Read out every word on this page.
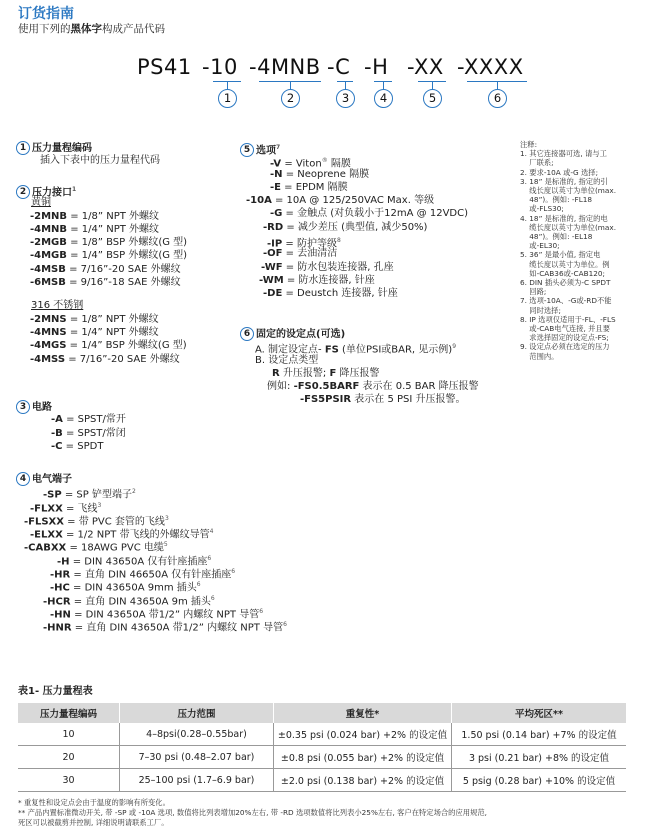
订货指南
使用下列的黑体字构成产品代码
PS41 -10 -4MNB -C -H -XX -XXXX
1	2	3	4	5	6
1 压力量程编码
插入下表中的压力量程代码
2 压力接口$^1$
黄铜
-2MNB = 1/8” NPT 外螺纹
-4MNB = 1/4” NPT 外螺纹
-2MGB = 1/8” BSP 外螺纹(G 型)
-4MGB = 1/4” BSP 外螺纹(G 型)
-4MSB = 7/16”-20 SAE 外螺纹
-6MSB = 9/16”-18 SAE 外螺纹
316 不锈钢
-2MNS = 1/8” NPT 外螺纹
-4MNS = 1/4” NPT 外螺纹
-4MGS = 1/4” BSP 外螺纹(G 型)
-4MSS = 7/16”-20 SAE 外螺纹
3 电路
-A = SPST/常开
-B = SPST/常闭
-C = SPDT
4 电气端子
-SP = SP 铲型端子$^2$
-FLXX = 飞线$^3$
-FLSXX = 带 PVC 套管的飞线$^3$
-ELXX = 1/2 NPT 带飞线的外螺纹导管$^4$
-CABXX = 18AWG PVC 电缆$^5$
-H = DIN 43650A 仅有针座插座$^6$
-HR = 直角 DIN 46650A 仅有针座插座$^6$
-HC = DIN 43650A 9mm 插头$^6$
-HCR = 直角 DIN 43650A 9m 插头$^6$
-HN = DIN 43650A 带1/2” 内螺纹 NPT 导管$^6$
-HNR = 直角 DIN 43650A 带1/2” 内螺纹 NPT 导管$^6$
5 选项$^7$
-V = Viton® 隔膜
-N = Neoprene 隔膜
-E = EPDM 隔膜
-10A = 10A @ 125/250VAC Max. 等级
-G = 金触点 (对负载小于12mA @ 12VDC)
-RD = 减少差压 (典型值, 减少50%)
-IP = 防护等级$^8$
-OF = 去油清洁
-WF = 防水包装连接器, 孔座
-WM = 防水连接器, 针座
-DE = Deustch 连接器, 针座
6 固定的设定点(可选)
A. 制定设定点- FS (单位PSI或BAR, 见示例)$^9$
B. 设定点类型
R 升压报警; F 降压报警
例如: -FS0.5BARF 表示在 0.5 BAR 降压报警
-FS5PSIR 表示在 5 PSI 升压报警。
注释:
1. 其它连接器可选, 请与工
厂联系;
2. 要求-10A 或-G 选择;
3. 18” 是标准的, 指定的引
线长度以英寸为单位(max.
48”)。例如: -FL18
或-FLS30;
4. 18” 是标准的, 指定的电
缆长度以英寸为单位(max.
48”)。例如: -EL18
或-EL30;
5. 36” 是最小值, 指定电
缆长度以英寸为单位。例
如-CAB36或-CAB120;
6. DIN 插头必须为-C SPDT
回路;
7. 选项-10A、-G或-RD不能
同时选择;
8. IP 选项仅适用于-FL、-FLS
或-CAB电气连接, 并且要
求选择固定的设定点-FS;
9. 设定点必须在选定的压力
范围内。
表1- 压力量程表
压力量程编码	压力范围	重复性*	平均死区**
10	4–8psi(0.28–0.55bar)	±0.35 psi (0.024 bar) +2% 的设定值	1.50 psi (0.14 bar) +7% 的设定值
20	7–30 psi (0.48–2.07 bar)	±0.8 psi (0.055 bar) +2% 的设定值	3 psi (0.21 bar) +8% 的设定值
30	25–100 psi (1.7–6.9 bar)	±2.0 psi (0.138 bar) +2% 的设定值	5 psig (0.28 bar) +10% 的设定值
* 重复性和设定点会由于温度的影响有所变化。
** 产品内置标准微动开关, 带 -SP 或 -10A 选项, 数值将比列表增加20%左右, 带 -RD 选项数值将比列表小25%左右, 客户在特定场合的应用规范,
死区可以被截剪并控制, 详细说明请联系工厂。
